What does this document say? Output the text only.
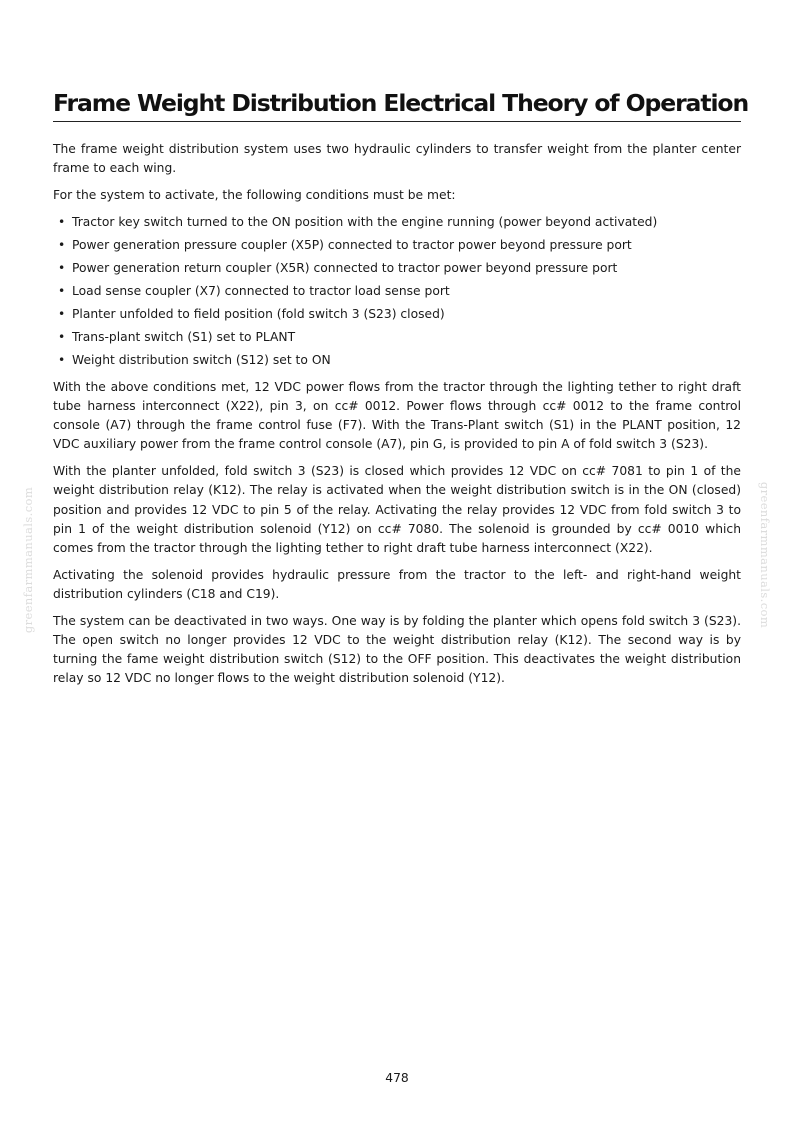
Frame Weight Distribution Electrical Theory of Operation

The frame weight distribution system uses two hydraulic cylinders to transfer weight from the planter center frame to each wing.

For the system to activate, the following conditions must be met:

• Tractor key switch turned to the ON position with the engine running (power beyond activated)
• Power generation pressure coupler (X5P) connected to tractor power beyond pressure port
• Power generation return coupler (X5R) connected to tractor power beyond pressure port
• Load sense coupler (X7) connected to tractor load sense port
• Planter unfolded to field position (fold switch 3 (S23) closed)
• Trans-plant switch (S1) set to PLANT
• Weight distribution switch (S12) set to ON

With the above conditions met, 12 VDC power flows from the tractor through the lighting tether to right draft tube harness interconnect (X22), pin 3, on cc# 0012. Power flows through cc# 0012 to the frame control console (A7) through the frame control fuse (F7). With the Trans-Plant switch (S1) in the PLANT position, 12 VDC auxiliary power from the frame control console (A7), pin G, is provided to pin A of fold switch 3 (S23).

With the planter unfolded, fold switch 3 (S23) is closed which provides 12 VDC on cc# 7081 to pin 1 of the weight distribution relay (K12). The relay is activated when the weight distribution switch is in the ON (closed) position and provides 12 VDC to pin 5 of the relay. Activating the relay provides 12 VDC from fold switch 3 to pin 1 of the weight distribution solenoid (Y12) on cc# 7080. The solenoid is grounded by cc# 0010 which comes from the tractor through the lighting tether to right draft tube harness interconnect (X22).

Activating the solenoid provides hydraulic pressure from the tractor to the left- and right-hand weight distribution cylinders (C18 and C19).

The system can be deactivated in two ways. One way is by folding the planter which opens fold switch 3 (S23). The open switch no longer provides 12 VDC to the weight distribution relay (K12). The second way is by turning the fame weight distribution switch (S12) to the OFF position. This deactivates the weight distribution relay so 12 VDC no longer flows to the weight distribution solenoid (Y12).

greenfarmmanuals.com	greenfarmmanuals.com
478
